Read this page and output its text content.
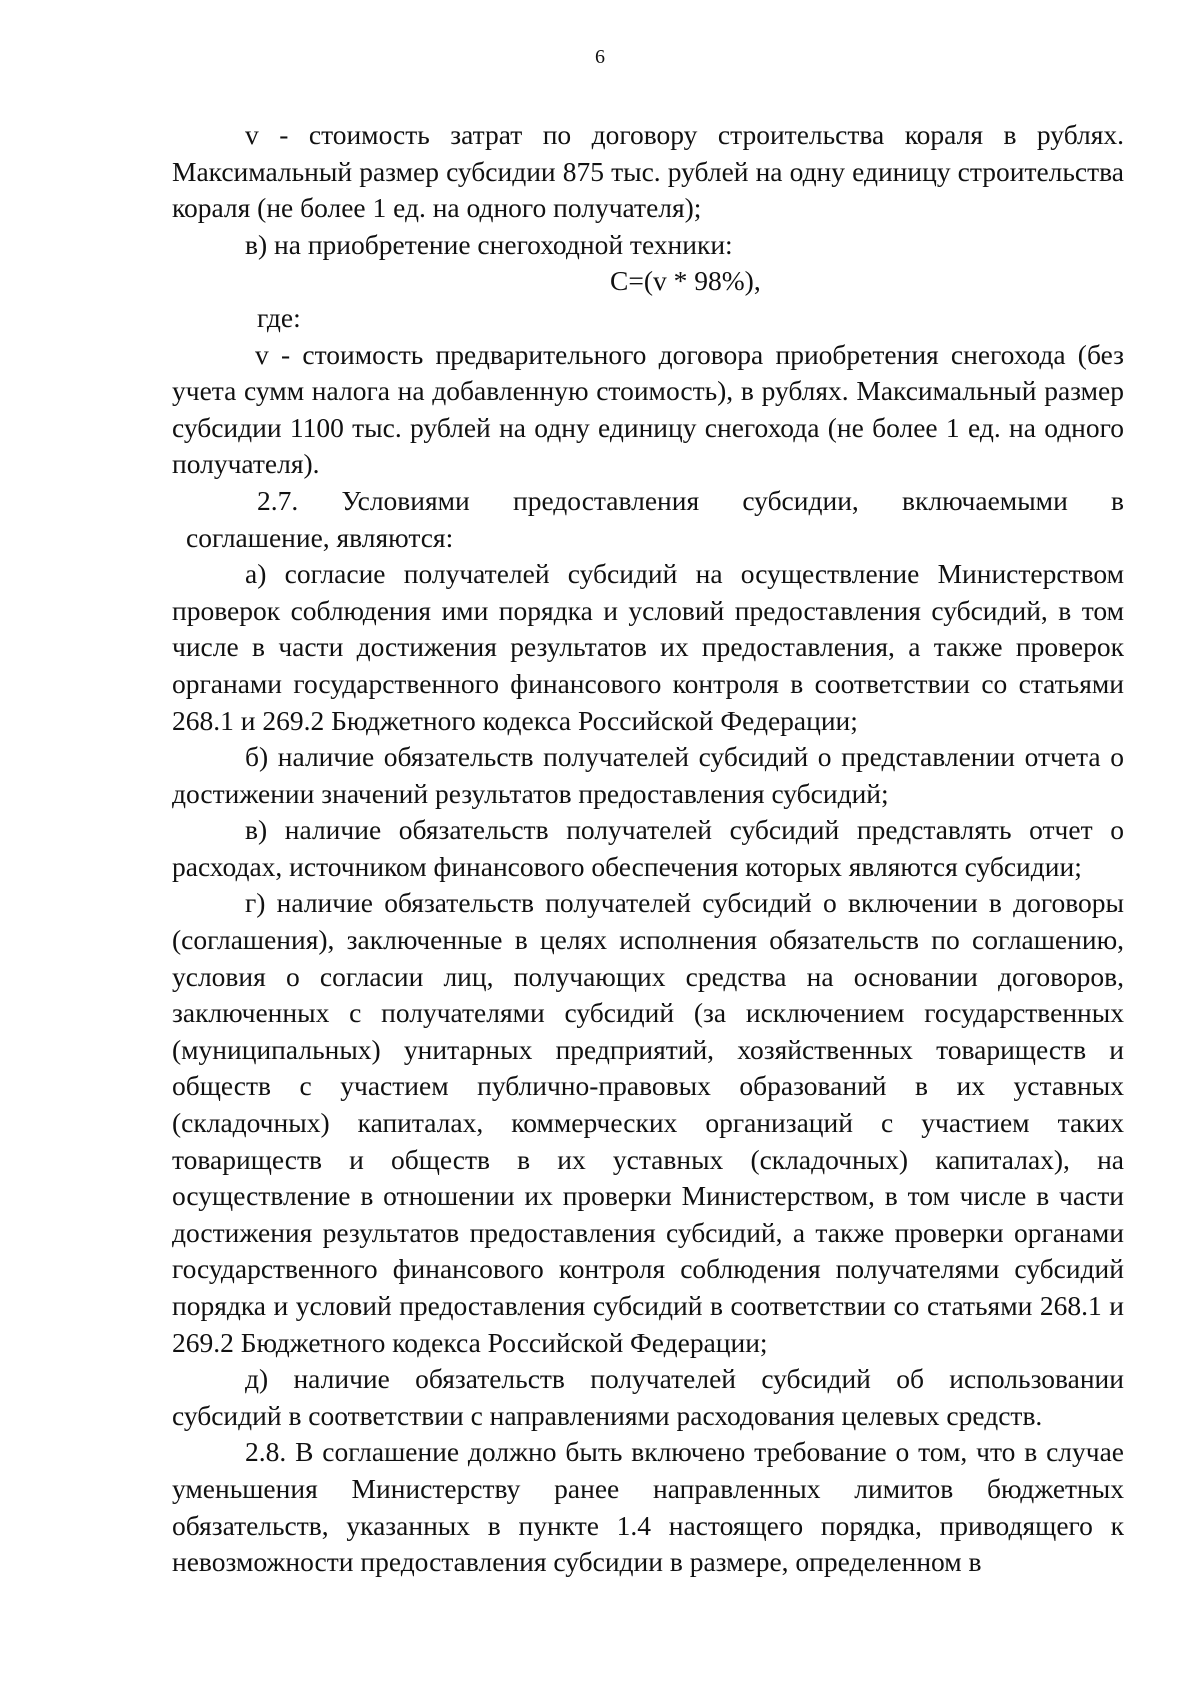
6

v - стоимость затрат по договору строительства кораля в рублях. Максимальный размер субсидии 875 тыс. рублей на одну единицу строительства кораля (не более 1 ед. на одного получателя);

в) на приобретение снегоходной техники:

C=(v * 98%),

где:

v - стоимость предварительного договора приобретения снегохода (без учета сумм налога на добавленную стоимость), в рублях. Максимальный размер субсидии 1100 тыс. рублей на одну единицу снегохода (не более 1 ед. на одного получателя).

2.7. Условиями предоставления субсидии, включаемыми в

соглашение, являются:

а) согласие получателей субсидий на осуществление Министерством проверок соблюдения ими порядка и условий предоставления субсидий, в том числе в части достижения результатов их предоставления, а также проверок органами государственного финансового контроля в соответствии со статьями 268.1 и 269.2 Бюджетного кодекса Российской Федерации;

б) наличие обязательств получателей субсидий о представлении отчета о достижении значений результатов предоставления субсидий;

в) наличие обязательств получателей субсидий представлять отчет о расходах, источником финансового обеспечения которых являются субсидии;

г) наличие обязательств получателей субсидий о включении в договоры (соглашения), заключенные в целях исполнения обязательств по соглашению, условия о согласии лиц, получающих средства на основании договоров, заключенных с получателями субсидий (за исключением государственных (муниципальных) унитарных предприятий, хозяйственных товариществ и обществ с участием публично-правовых образований в их уставных (складочных) капиталах, коммерческих организаций с участием таких товариществ и обществ в их уставных (складочных) капиталах), на осуществление в отношении их проверки Министерством, в том числе в части достижения результатов предоставления субсидий, а также проверки органами государственного финансового контроля соблюдения получателями субсидий порядка и условий предоставления субсидий в соответствии со статьями 268.1 и 269.2 Бюджетного кодекса Российской Федерации;

д) наличие обязательств получателей субсидий об использовании субсидий в соответствии с направлениями расходования целевых средств.

2.8. В соглашение должно быть включено требование о том, что в случае уменьшения Министерству ранее направленных лимитов бюджетных обязательств, указанных в пункте 1.4 настоящего порядка, приводящего к невозможности предоставления субсидии в размере, определенном в
